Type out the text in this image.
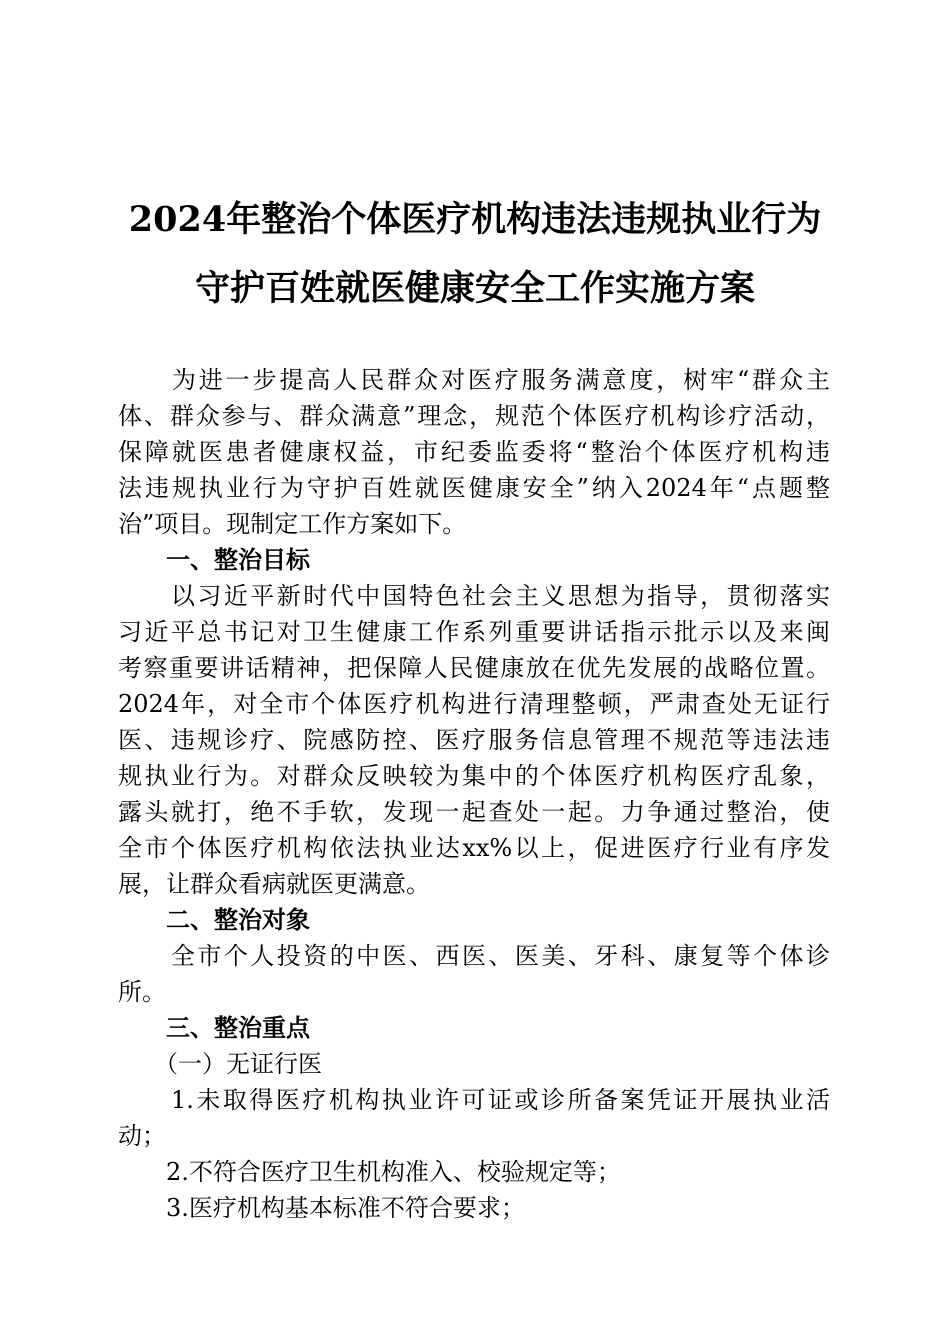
2024年整治个体医疗机构违法违规执业行为
守护百姓就医健康安全工作实施方案
　　为进一步提高人民群众对医疗服务满意度，树牢“群众主
体、群众参与、群众满意”理念，规范个体医疗机构诊疗活动，
保障就医患者健康权益，市纪委监委将“整治个体医疗机构违
法违规执业行为守护百姓就医健康安全”纳入2024年“点题整
治”项目。现制定工作方案如下。
　　一、整治目标
　　以习近平新时代中国特色社会主义思想为指导，贯彻落实
习近平总书记对卫生健康工作系列重要讲话指示批示以及来闽
考察重要讲话精神，把保障人民健康放在优先发展的战略位置。
2024年，对全市个体医疗机构进行清理整顿，严肃查处无证行
医、违规诊疗、院感防控、医疗服务信息管理不规范等违法违
规执业行为。对群众反映较为集中的个体医疗机构医疗乱象，
露头就打，绝不手软，发现一起查处一起。力争通过整治，使
全市个体医疗机构依法执业达xx%以上，促进医疗行业有序发
展，让群众看病就医更满意。
　　二、整治对象
　　全市个人投资的中医、西医、医美、牙科、康复等个体诊
所。
　　三、整治重点
　　（一）无证行医
　　1.未取得医疗机构执业许可证或诊所备案凭证开展执业活
动；
　　2.不符合医疗卫生机构准入、校验规定等；
　　3.医疗机构基本标准不符合要求；
